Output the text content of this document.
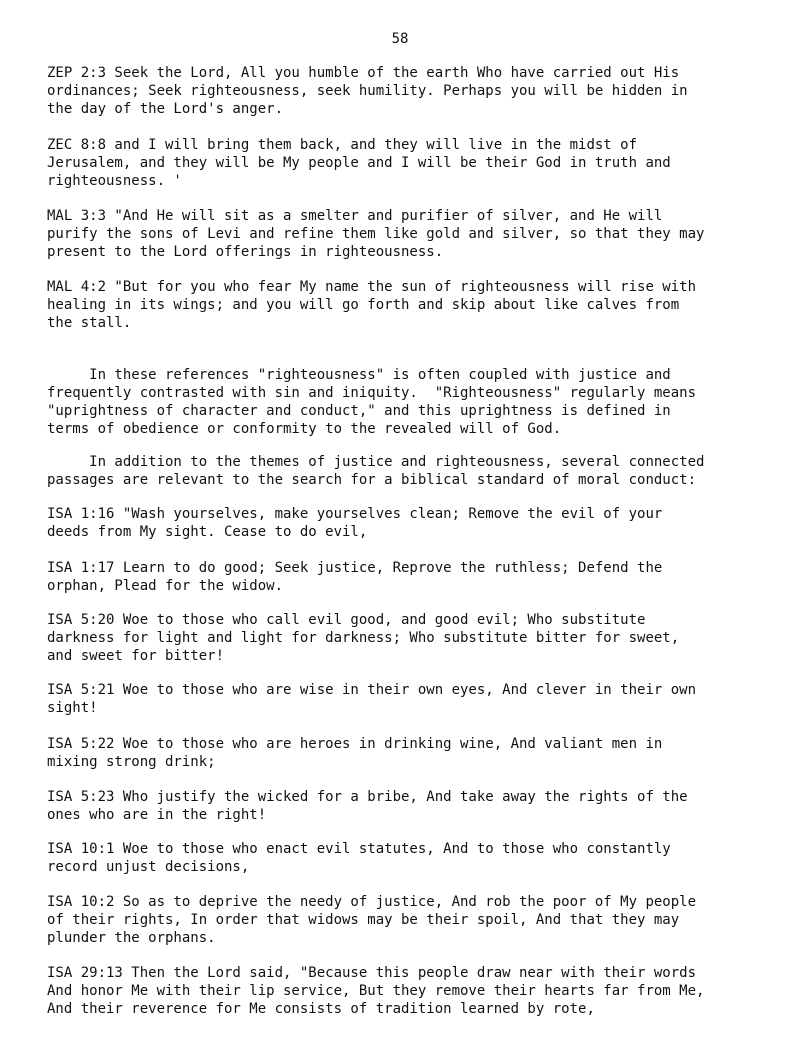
58

ZEP 2:3 Seek the Lord, All you humble of the earth Who have carried out His
ordinances; Seek righteousness, seek humility. Perhaps you will be hidden in
the day of the Lord's anger.

ZEC 8:8 and I will bring them back, and they will live in the midst of
Jerusalem, and they will be My people and I will be their God in truth and
righteousness. '

MAL 3:3 "And He will sit as a smelter and purifier of silver, and He will
purify the sons of Levi and refine them like gold and silver, so that they may
present to the Lord offerings in righteousness.

MAL 4:2 "But for you who fear My name the sun of righteousness will rise with
healing in its wings; and you will go forth and skip about like calves from
the stall.

In these references "righteousness" is often coupled with justice and
frequently contrasted with sin and iniquity.  "Righteousness" regularly means
"uprightness of character and conduct," and this uprightness is defined in
terms of obedience or conformity to the revealed will of God.

In addition to the themes of justice and righteousness, several connected
passages are relevant to the search for a biblical standard of moral conduct:

ISA 1:16 "Wash yourselves, make yourselves clean; Remove the evil of your
deeds from My sight. Cease to do evil,

ISA 1:17 Learn to do good; Seek justice, Reprove the ruthless; Defend the
orphan, Plead for the widow.

ISA 5:20 Woe to those who call evil good, and good evil; Who substitute
darkness for light and light for darkness; Who substitute bitter for sweet,
and sweet for bitter!

ISA 5:21 Woe to those who are wise in their own eyes, And clever in their own
sight!

ISA 5:22 Woe to those who are heroes in drinking wine, And valiant men in
mixing strong drink;

ISA 5:23 Who justify the wicked for a bribe, And take away the rights of the
ones who are in the right!

ISA 10:1 Woe to those who enact evil statutes, And to those who constantly
record unjust decisions,

ISA 10:2 So as to deprive the needy of justice, And rob the poor of My people
of their rights, In order that widows may be their spoil, And that they may
plunder the orphans.

ISA 29:13 Then the Lord said, "Because this people draw near with their words
And honor Me with their lip service, But they remove their hearts far from Me,
And their reverence for Me consists of tradition learned by rote,
